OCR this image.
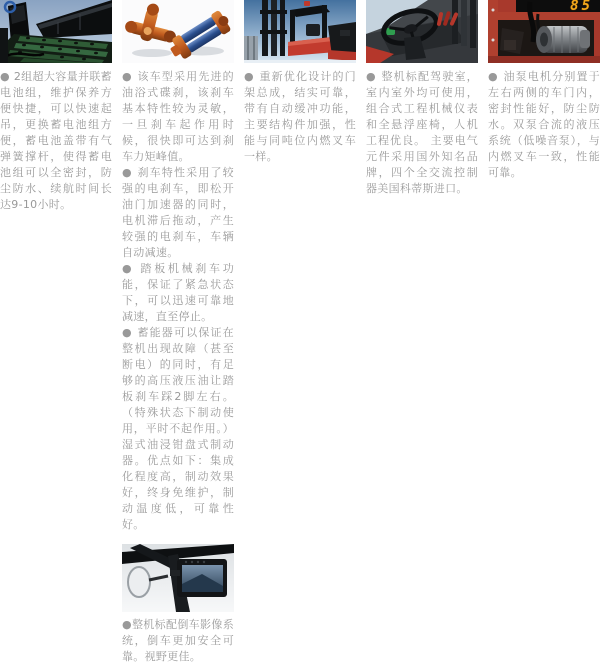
● 2组超大容量并联蓄电池组，维护保养方便快捷，可以快速起吊，更换蓄电池组方便，蓄电池盖带有气弹簧撑杆，使得蓄电池组可以全密封，防尘防水、续航时间长达9-10小时。

● 该车型采用先进的油浴式碟刹，该刹车基本特性较为灵敏，一旦刹车起作用时候，很快即可达到刹车力矩峰值。

● 刹车特性采用了较强的电刹车，即松开油门加速器的同时，电机滞后拖动，产生较强的电刹车，车辆自动减速。

● 踏板机械刹车功能，保证了紧急状态下，可以迅速可靠地减速，直至停止。

● 蓄能器可以保证在整机出现故障（甚至断电）的同时，有足够的高压液压油让踏板刹车踩2脚左右。（特殊状态下制动使用，平时不起作用。）湿式油浸钳盘式制动器。优点如下：集成化程度高，制动效果好，终身免维护，制动温度低，可靠性好。

●整机标配倒车影像系统，倒车更加安全可靠。视野更佳。

● 重新优化设计的门架总成，结实可靠，带有自动缓冲功能，主要结构件加强，性能与同吨位内燃叉车一样。

● 整机标配驾驶室，室内室外均可使用，组合式工程机械仪表和全悬浮座椅，人机工程优良。 主要电气元件采用国外知名品牌，四个全交流控制器美国科蒂斯进口。

85

● 油泵电机分别置于左右两侧的车门内，密封性能好，防尘防水。双泵合流的液压系统（低噪音泵），与内燃叉车一致，性能可靠。
